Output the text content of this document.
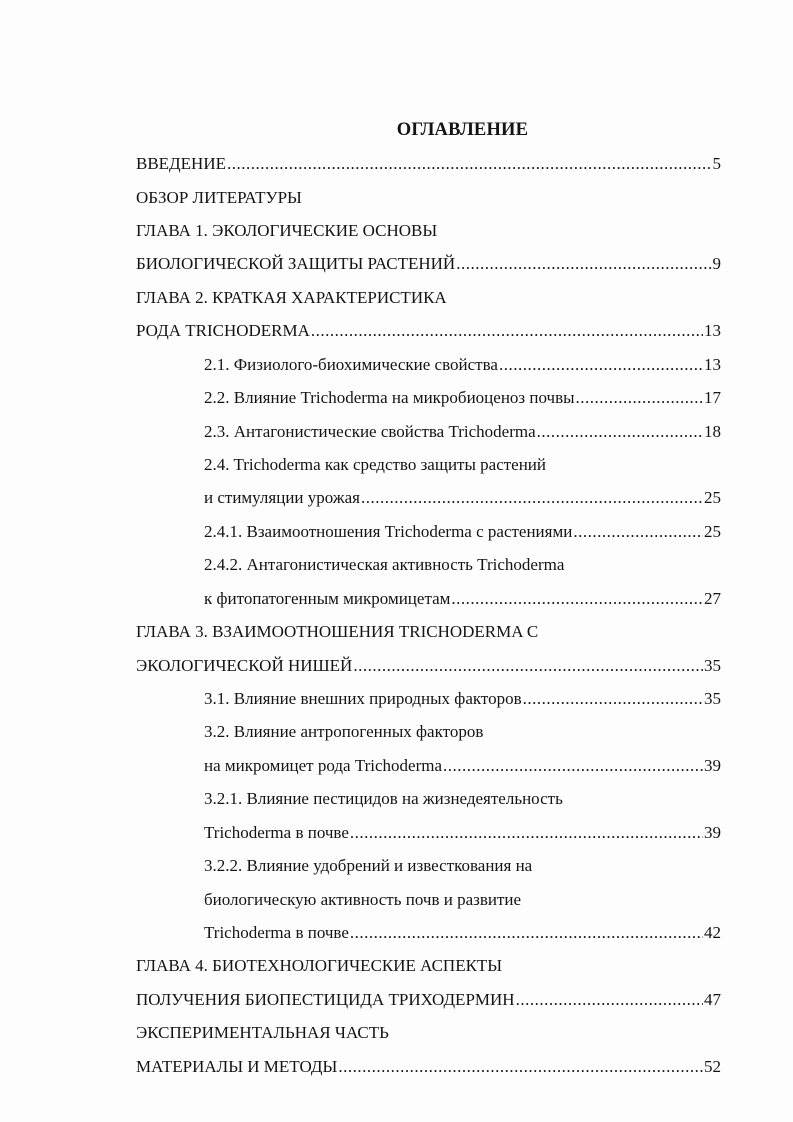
ОГЛАВЛЕНИЕ
ВВЕДЕНИЕ .....	5
ОБЗОР ЛИТЕРАТУРЫ
ГЛАВА 1. ЭКОЛОГИЧЕСКИЕ ОСНОВЫ
БИОЛОГИЧЕСКОЙ ЗАЩИТЫ РАСТЕНИЙ .....	9
ГЛАВА 2. КРАТКАЯ ХАРАКТЕРИСТИКА
РОДА TRICHODERMA .....	13
2.1. Физиолого-биохимические свойства .....	13
2.2. Влияние Trichoderma на микробиоценоз почвы .....	17
2.3. Антагонистические свойства Trichoderma .....	18
2.4. Trichoderma как средство защиты растений
и стимуляции урожая .....	25
2.4.1. Взаимоотношения Trichoderma с растениями .....	25
2.4.2. Антагонистическая активность Trichoderma
к фитопатогенным микромицетам .....	27
ГЛАВА 3. ВЗАИМООТНОШЕНИЯ TRICHODERMA С
ЭКОЛОГИЧЕСКОЙ НИШЕЙ .....	35
3.1. Влияние внешних природных факторов .....	35
3.2. Влияние антропогенных факторов
на микромицет рода Trichoderma .....	39
3.2.1. Влияние пестицидов на жизнедеятельность
Trichoderma в почве .....	39
3.2.2. Влияние удобрений и известкования на
биологическую активность почв и развитие
Trichoderma в почве .....	42
ГЛАВА 4. БИОТЕХНОЛОГИЧЕСКИЕ АСПЕКТЫ
ПОЛУЧЕНИЯ БИОПЕСТИЦИДА ТРИХОДЕРМИН .....	47
ЭКСПЕРИМЕНТАЛЬНАЯ ЧАСТЬ
МАТЕРИАЛЫ И МЕТОДЫ .....	52
